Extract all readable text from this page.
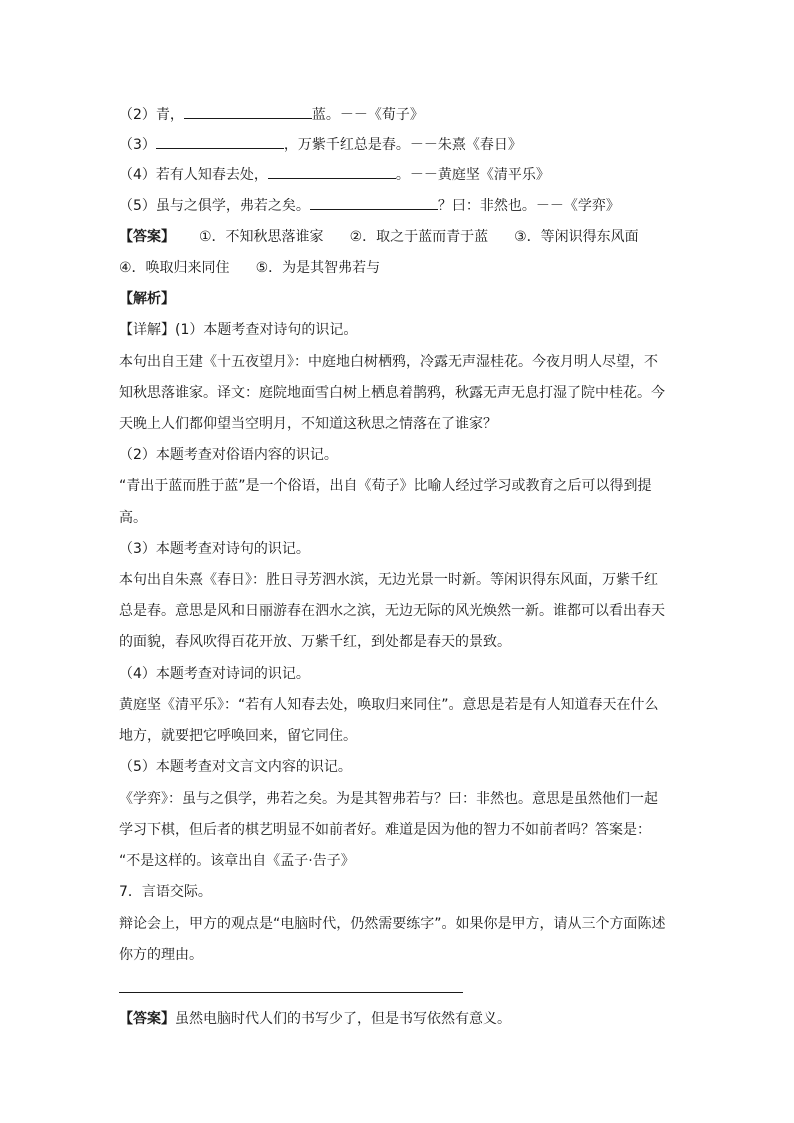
（2）青，	蓝。－－《荀子》
（3）	，万紫千红总是春。－－朱熹《春日》
（4）若有人知春去处，	。－－黄庭坚《清平乐》
（5）虽与之俱学，弗若之矣。	？曰：非然也。－－《学弈》
【答案】 ①．不知秋思落谁家 ②．取之于蓝而青于蓝 ③．等闲识得东风面
④．唤取归来同住 ⑤．为是其智弗若与
【解析】
【详解】(1）本题考查对诗句的识记。
本句出自王建《十五夜望月》：中庭地白树栖鸦，冷露无声湿桂花。今夜月明人尽望，不
知秋思落谁家。译文：庭院地面雪白树上栖息着鹊鸦，秋露无声无息打湿了院中桂花。今
天晚上人们都仰望当空明月，不知道这秋思之情落在了谁家？
（2）本题考查对俗语内容的识记。
“青出于蓝而胜于蓝”是一个俗语，出自《荀子》比喻人经过学习或教育之后可以得到提
高。
（3）本题考查对诗句的识记。
本句出自朱熹《春日》：胜日寻芳泗水滨，无边光景一时新。等闲识得东风面，万紫千红
总是春。意思是风和日丽游春在泗水之滨，无边无际的风光焕然一新。谁都可以看出春天
的面貌，春风吹得百花开放、万紫千红，到处都是春天的景致。
（4）本题考查对诗词的识记。
黄庭坚《清平乐》：“若有人知春去处，唤取归来同住”。意思是若是有人知道春天在什么
地方，就要把它呼唤回来，留它同住。
（5）本题考查对文言文内容的识记。
《学弈》：虽与之俱学，弗若之矣。为是其智弗若与？曰：非然也。意思是虽然他们一起
学习下棋，但后者的棋艺明显不如前者好。难道是因为他的智力不如前者吗？答案是：
“不是这样的。该章出自《孟子·告子》
7．言语交际。
辩论会上，甲方的观点是“电脑时代，仍然需要练字”。如果你是甲方，请从三个方面陈述
你方的理由。
【答案】虽然电脑时代人们的书写少了，但是书写依然有意义。
